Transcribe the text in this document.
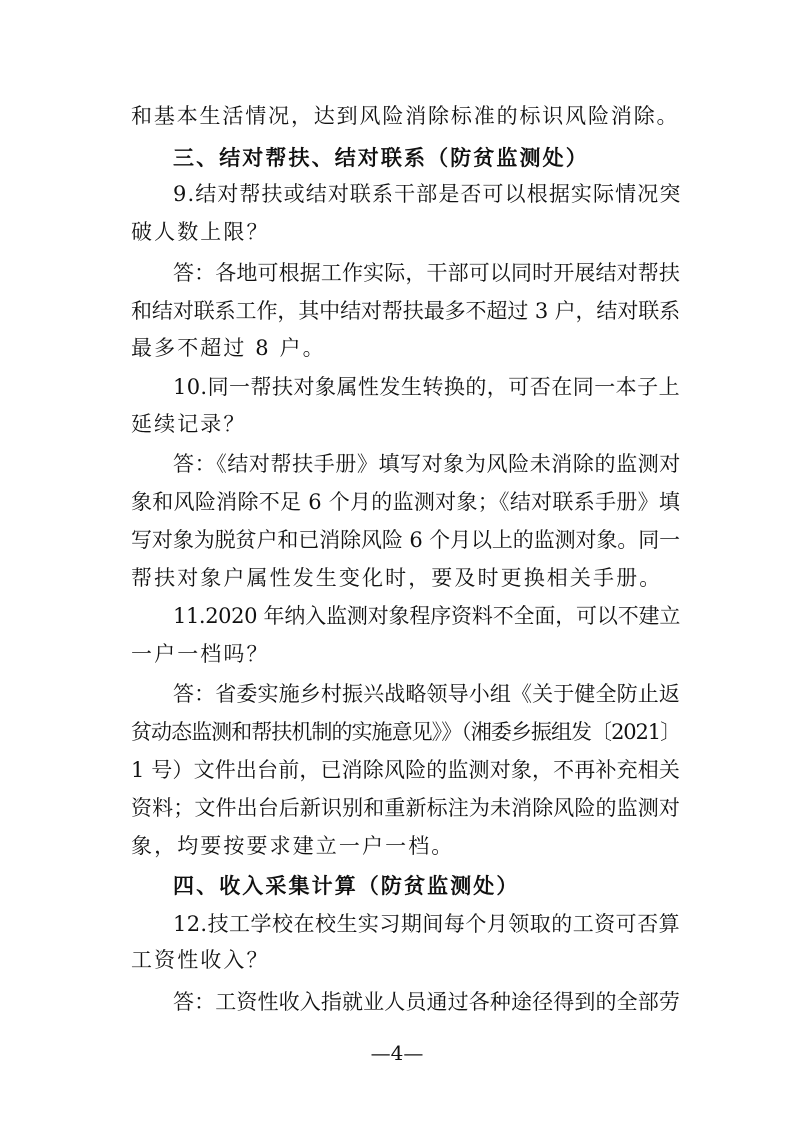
和基本生活情况，达到风险消除标准的标识风险消除。
三、结对帮扶、结对联系（防贫监测处）
9.结对帮扶或结对联系干部是否可以根据实际情况突
破人数上限？
答：各地可根据工作实际，干部可以同时开展结对帮扶
和结对联系工作，其中结对帮扶最多不超过 3 户，结对联系
最多不超过 8 户。
10.同一帮扶对象属性发生转换的，可否在同一本子上
延续记录？
答：《结对帮扶手册》填写对象为风险未消除的监测对
象和风险消除不足 6 个月的监测对象；《结对联系手册》填
写对象为脱贫户和已消除风险 6 个月以上的监测对象。同一
帮扶对象户属性发生变化时，要及时更换相关手册。
11.2020 年纳入监测对象程序资料不全面，可以不建立
一户一档吗？
答：省委实施乡村振兴战略领导小组《关于健全防止返
贫动态监测和帮扶机制的实施意见》》（湘委乡振组发〔2021〕
1 号）文件出台前，已消除风险的监测对象，不再补充相关
资料；文件出台后新识别和重新标注为未消除风险的监测对
象，均要按要求建立一户一档。
四、收入采集计算（防贫监测处）
12.技工学校在校生实习期间每个月领取的工资可否算
工资性收入？
答：工资性收入指就业人员通过各种途径得到的全部劳
—4—
